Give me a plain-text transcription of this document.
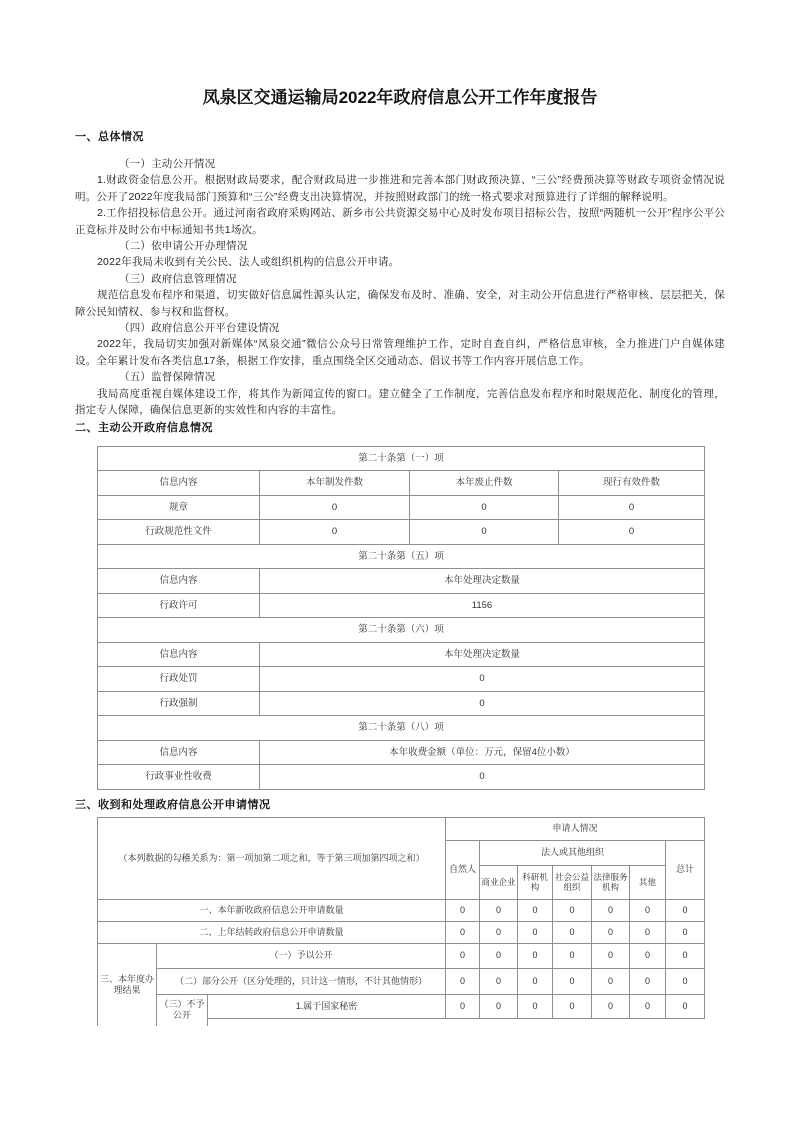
凤泉区交通运输局2022年政府信息公开工作年度报告
一、总体情况

（一）主动公开情况

1.财政资金信息公开。根据财政局要求，配合财政局进一步推进和完善本部门财政预决算、“三公”经费预决算等财政专项资金情况说明。公开了2022年度我局部门预算和“三公”经费支出决算情况，并按照财政部门的统一格式要求对预算进行了详细的解释说明。

2.工作招投标信息公开。通过河南省政府采购网站、新乡市公共资源交易中心及时发布项目招标公告，按照“两随机一公开”程序公平公正竞标并及时公布中标通知书共1场次。

（二）依申请公开办理情况

2022年我局未收到有关公民、法人或组织机构的信息公开申请。

（三）政府信息管理情况

规范信息发布程序和渠道，切实做好信息属性源头认定，确保发布及时、准确、安全，对主动公开信息进行严格审核、层层把关，保障公民知情权、参与权和监督权。

（四）政府信息公开平台建设情况

2022年，我局切实加强对新媒体“凤泉交通”微信公众号日常管理维护工作，定时自查自纠，严格信息审核，全力推进门户自媒体建设。全年累计发布各类信息17条，根据工作安排，重点围绕全区交通动态、倡议书等工作内容开展信息工作。

（五）监督保障情况

我局高度重视自媒体建设工作，将其作为新闻宣传的窗口。建立健全了工作制度，完善信息发布程序和时限规范化、制度化的管理，指定专人保障，确保信息更新的实效性和内容的丰富性。

二、主动公开政府信息情况
第二十条第（一）项			
信息内容	本年制发件数	本年废止件数	现行有效件数
规章	0	0	0
行政规范性文件	0	0	0
第二十条第（五）项			
信息内容	本年处理决定数量		
行政许可	1156		
第二十条第（六）项			
信息内容	本年处理决定数量		
行政处罚	0		
行政强制	0		
第二十条第（八）项			
信息内容	本年收费金额（单位：万元，保留4位小数）		
行政事业性收费	0		
三、收到和处理政府信息公开申请情况
（本列数据的勾稽关系为：第一项加第二项之和，等于第三项加第四项之和）			申请人情况						
			自然人	法人或其他组织					总计
				商业企业	科研机构	社会公益组织	法律服务机构	其他	
一、本年新收政府信息公开申请数量			0	0	0	0	0	0	0
二、上年结转政府信息公开申请数量			0	0	0	0	0	0	0
三、本年度办理结果	（一）予以公开		0	0	0	0	0	0	0
	（二）部分公开（区分处理的，只计这一情形，不计其他情形）		0	0	0	0	0	0	0
	（三）不予公开	1.属于国家秘密	0	0	0	0	0	0	0
